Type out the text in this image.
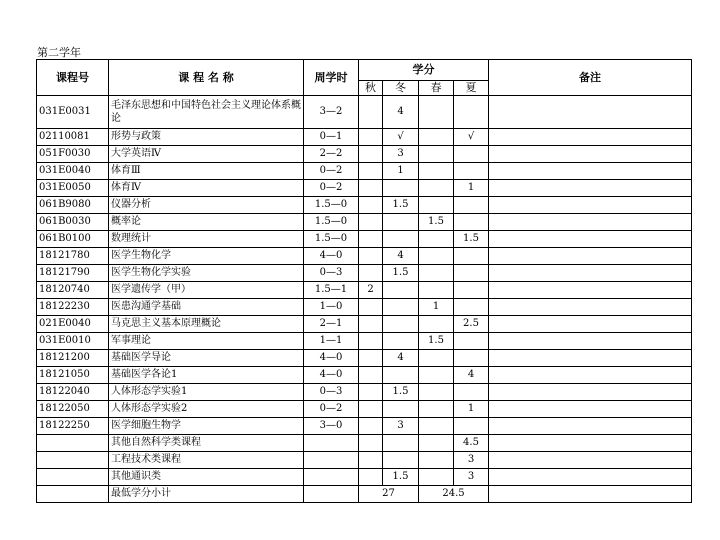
第二学年
课程号	课 程 名 称	周学时	学分				备注
			秋	冬	春	夏	
031E0031	毛泽东思想和中国特色社会主义理论体系概论	3—2		4			
02110081	形势与政策	0—1		√		√	
051F0030	大学英语Ⅳ	2—2		3			
031E0040	体育Ⅲ	0—2		1			
031E0050	体育Ⅳ	0—2				1	
061B9080	仪器分析	1.5—0		1.5			
061B0030	概率论	1.5—0			1.5		
061B0100	数理统计	1.5—0				1.5	
18121780	医学生物化学	4—0		4			
18121790	医学生物化学实验	0—3		1.5			
18120740	医学遗传学（甲）	1.5—1	2				
18122230	医患沟通学基础	1—0			1		
021E0040	马克思主义基本原理概论	2—1				2.5	
031E0010	军事理论	1—1			1.5		
18121200	基础医学导论	4—0		4			
18121050	基础医学各论1	4—0				4	
18122040	人体形态学实验1	0—3		1.5			
18122050	人体形态学实验2	0—2				1	
18122250	医学细胞生物学	3—0		3			
	其他自然科学类课程					4.5	
	工程技术类课程					3	
	其他通识类			1.5		3	
	最低学分小计		27		24.5		
